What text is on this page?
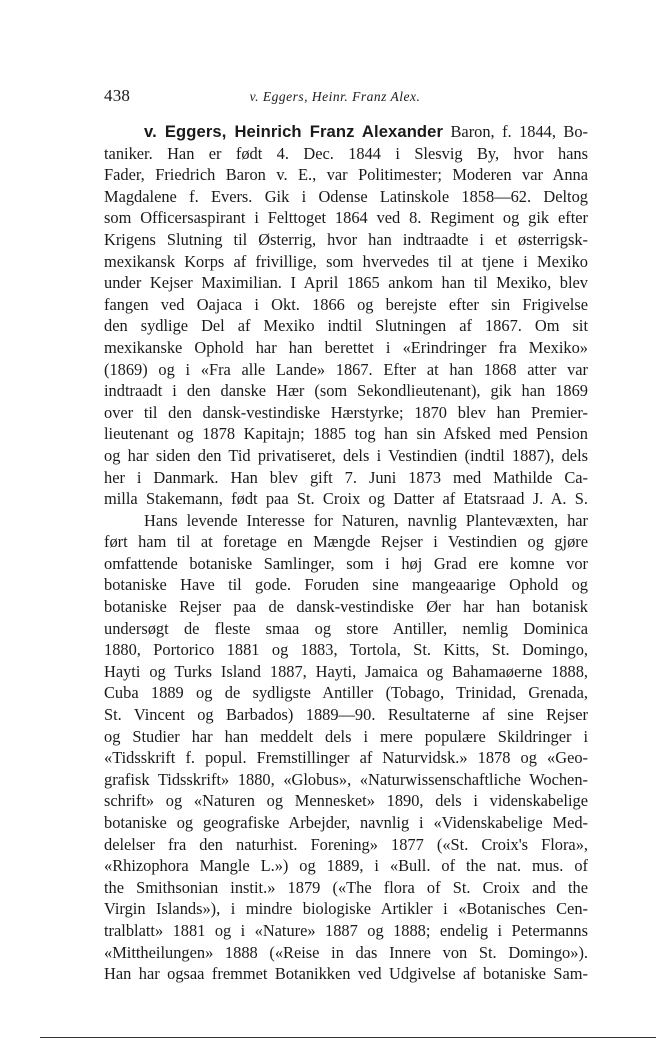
438	v. Eggers, Heinr. Franz Alex.
v. Eggers, Heinrich Franz Alexander Baron, f. 1844, Bo-
taniker. Han er født 4. Dec. 1844 i Slesvig By, hvor hans
Fader, Friedrich Baron v. E., var Politimester; Moderen var Anna
Magdalene f. Evers. Gik i Odense Latinskole 1858—62. Deltog
som Officersaspirant i Felttoget 1864 ved 8. Regiment og gik efter
Krigens Slutning til Østerrig, hvor han indtraadte i et østerrigsk-
mexikansk Korps af frivillige, som hvervedes til at tjene i Mexiko
under Kejser Maximilian. I April 1865 ankom han til Mexiko, blev
fangen ved Oajaca i Okt. 1866 og berejste efter sin Frigivelse
den sydlige Del af Mexiko indtil Slutningen af 1867. Om sit
mexikanske Ophold har han berettet i «Erindringer fra Mexiko»
(1869) og i «Fra alle Lande» 1867. Efter at han 1868 atter var
indtraadt i den danske Hær (som Sekondlieutenant), gik han 1869
over til den dansk-vestindiske Hærstyrke; 1870 blev han Premier-
lieutenant og 1878 Kapitajn; 1885 tog han sin Afsked med Pension
og har siden den Tid privatiseret, dels i Vestindien (indtil 1887), dels
her i Danmark. Han blev gift 7. Juni 1873 med Mathilde Ca-
milla Stakemann, født paa St. Croix og Datter af Etatsraad J. A. S.
Hans levende Interesse for Naturen, navnlig Plantevæxten, har
ført ham til at foretage en Mængde Rejser i Vestindien og gjøre
omfattende botaniske Samlinger, som i høj Grad ere komne vor
botaniske Have til gode. Foruden sine mangeaarige Ophold og
botaniske Rejser paa de dansk-vestindiske Øer har han botanisk
undersøgt de fleste smaa og store Antiller, nemlig Dominica
1880, Portorico 1881 og 1883, Tortola, St. Kitts, St. Domingo,
Hayti og Turks Island 1887, Hayti, Jamaica og Bahamaøerne 1888,
Cuba 1889 og de sydligste Antiller (Tobago, Trinidad, Grenada,
St. Vincent og Barbados) 1889—90. Resultaterne af sine Rejser
og Studier har han meddelt dels i mere populære Skildringer i
«Tidsskrift f. popul. Fremstillinger af Naturvidsk.» 1878 og «Geo-
grafisk Tidsskrift» 1880, «Globus», «Naturwissenschaftliche Wochen-
schrift» og «Naturen og Mennesket» 1890, dels i videnskabelige
botaniske og geografiske Arbejder, navnlig i «Videnskabelige Med-
delelser fra den naturhist. Forening» 1877 («St. Croix's Flora»,
«Rhizophora Mangle L.») og 1889, i «Bull. of the nat. mus. of
the Smithsonian instit.» 1879 («The flora of St. Croix and the
Virgin Islands»), i mindre biologiske Artikler i «Botanisches Cen-
tralblatt» 1881 og i «Nature» 1887 og 1888; endelig i Petermanns
«Mittheilungen» 1888 («Reise in das Innere von St. Domingo»).
Han har ogsaa fremmet Botanikken ved Udgivelse af botaniske Sam-
